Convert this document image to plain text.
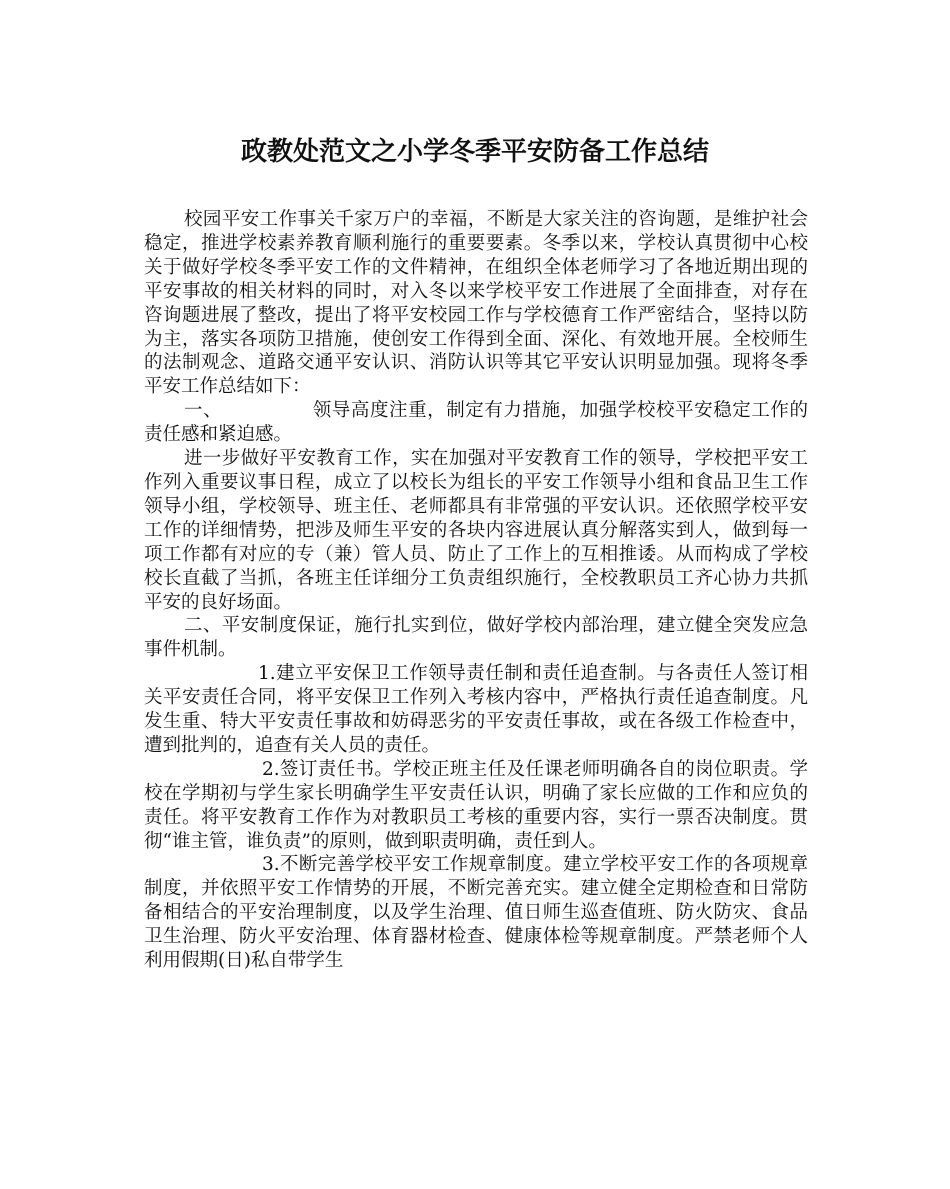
政教处范文之小学冬季平安防备工作总结

校园平安工作事关千家万户的幸福，不断是大家关注的咨询题，是维护社会稳定，推进学校素养教育顺利施行的重要要素。冬季以来，学校认真贯彻中心校关于做好学校冬季平安工作的文件精神，在组织全体老师学习了各地近期出现的平安事故的相关材料的同时，对入冬以来学校平安工作进展了全面排查，对存在咨询题进展了整改，提出了将平安校园工作与学校德育工作严密结合，坚持以防为主，落实各项防卫措施，使创安工作得到全面、深化、有效地开展。全校师生的法制观念、道路交通平安认识、消防认识等其它平安认识明显加强。现将冬季平安工作总结如下：

一、	领导高度注重，制定有力措施，加强学校校平安稳定工作的责任感和紧迫感。

进一步做好平安教育工作，实在加强对平安教育工作的领导，学校把平安工作列入重要议事日程，成立了以校长为组长的平安工作领导小组和食品卫生工作领导小组，学校领导、班主任、老师都具有非常强的平安认识。还依照学校平安工作的详细情势，把涉及师生平安的各块内容进展认真分解落实到人，做到每一项工作都有对应的专（兼）管人员、防止了工作上的互相推诿。从而构成了学校校长直截了当抓，各班主任详细分工负责组织施行，全校教职员工齐心协力共抓平安的良好场面。

二、平安制度保证，施行扎实到位，做好学校内部治理，建立健全突发应急事件机制。

1.建立平安保卫工作领导责任制和责任追查制。与各责任人签订相关平安责任合同，将平安保卫工作列入考核内容中，严格执行责任追查制度。凡发生重、特大平安责任事故和妨碍恶劣的平安责任事故，或在各级工作检查中，遭到批判的，追查有关人员的责任。

2.签订责任书。学校正班主任及任课老师明确各自的岗位职责。学校在学期初与学生家长明确学生平安责任认识，明确了家长应做的工作和应负的责任。将平安教育工作作为对教职员工考核的重要内容，实行一票否决制度。贯彻“谁主管，谁负责”的原则，做到职责明确，责任到人。

3.不断完善学校平安工作规章制度。建立学校平安工作的各项规章制度，并依照平安工作情势的开展，不断完善充实。建立健全定期检查和日常防备相结合的平安治理制度，以及学生治理、值日师生巡查值班、防火防灾、食品卫生治理、防火平安治理、体育器材检查、健康体检等规章制度。严禁老师个人利用假期(日)私自带学生
